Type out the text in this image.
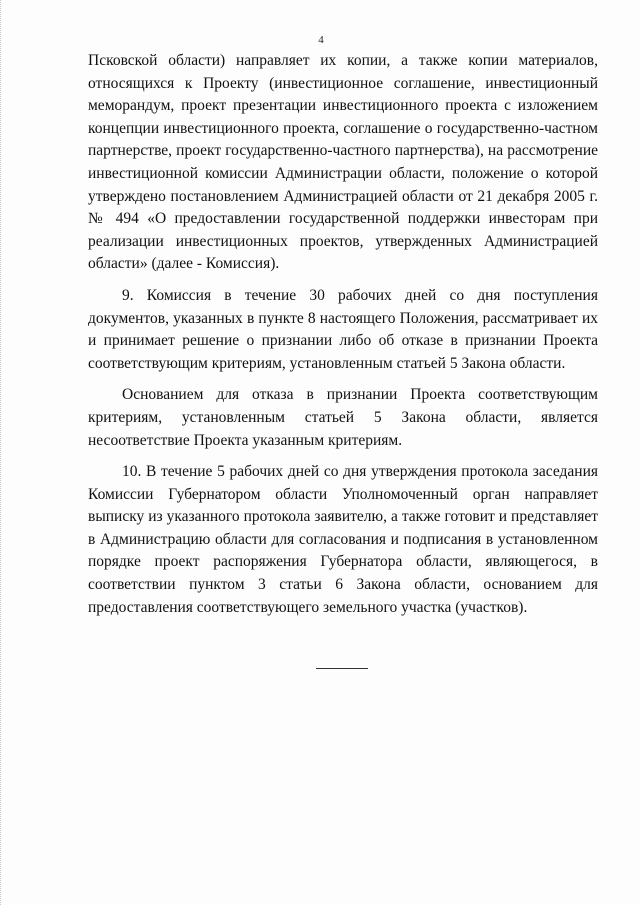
4

Псковской области) направляет их копии, а также копии материалов, относящихся к Проекту (инвестиционное соглашение, инвестиционный меморандум, проект презентации инвестиционного проекта с изложением концепции инвестиционного проекта, соглашение о государственно-частном партнерстве, проект государственно-частного партнерства), на рассмотрение инвестиционной комиссии Администрации области, положение о которой утверждено постановлением Администрацией области от 21 декабря 2005 г. № 494 «О предоставлении государственной поддержки инвесторам при реализации инвестиционных проектов, утвержденных Администрацией области» (далее - Комиссия).

9. Комиссия в течение 30 рабочих дней со дня поступления документов, указанных в пункте 8 настоящего Положения, рассматривает их и принимает решение о признании либо об отказе в признании Проекта соответствующим критериям, установленным статьей 5 Закона области.

Основанием для отказа в признании Проекта соответствующим критериям, установленным статьей 5 Закона области, является несоответствие Проекта указанным критериям.

10. В течение 5 рабочих дней со дня утверждения протокола заседания Комиссии Губернатором области Уполномоченный орган направляет выписку из указанного протокола заявителю, а также готовит и представляет в Администрацию области для согласования и подписания в установленном порядке проект распоряжения Губернатора области, являющегося, в соответствии пунктом 3 статьи 6 Закона области, основанием для предоставления соответствующего земельного участка (участков).
